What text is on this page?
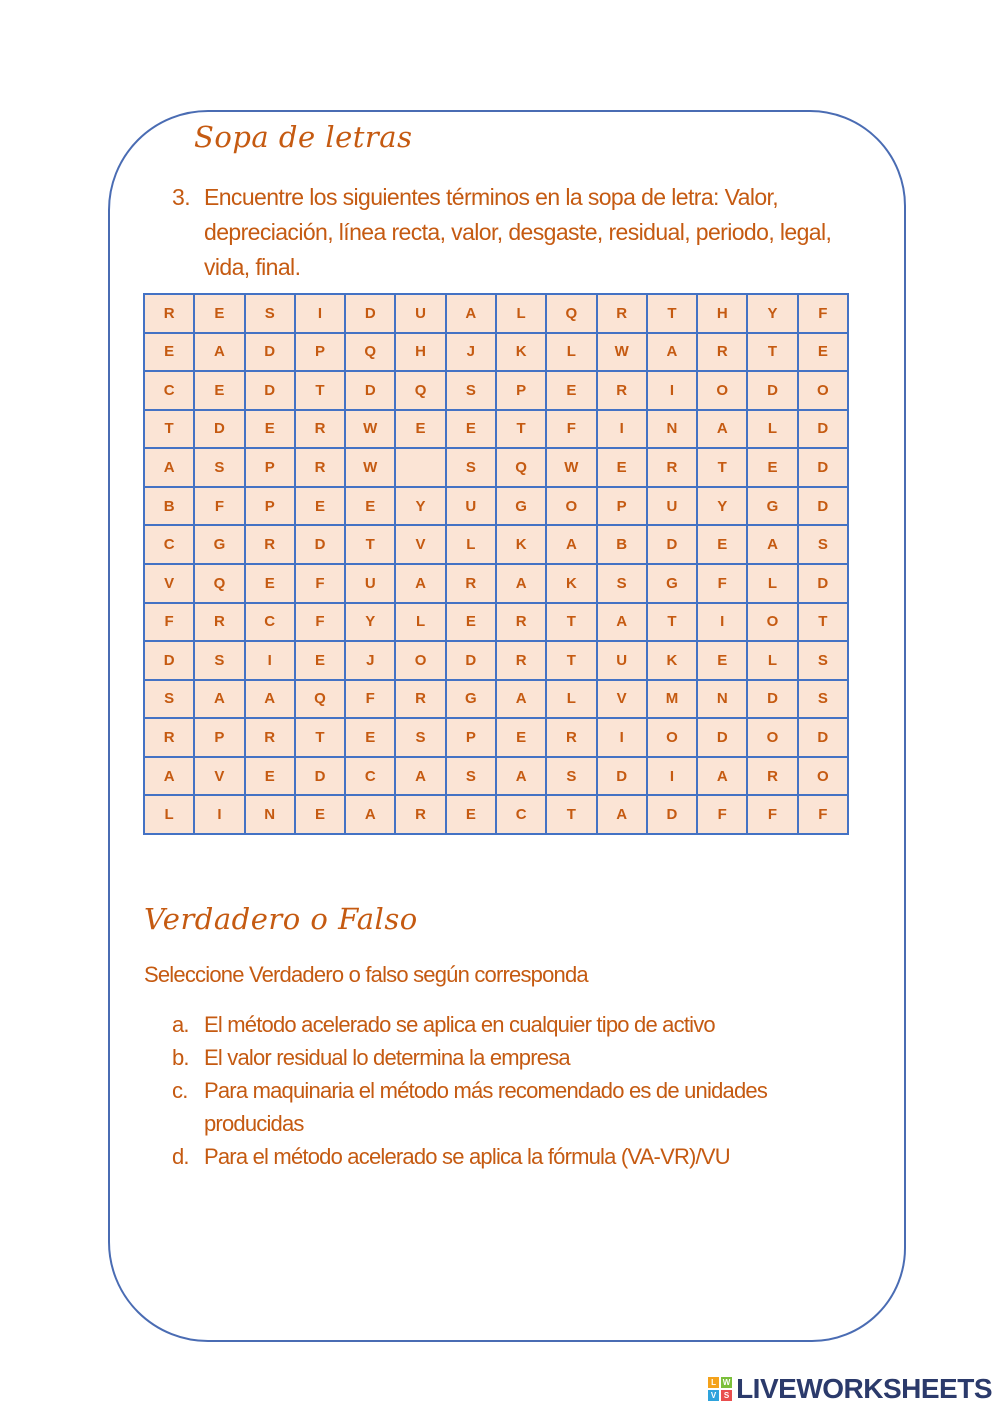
Sopa de letras
3. Encuentre los siguientes términos en la sopa de letra: Valor, depreciación, línea recta, valor, desgaste, residual, periodo, legal, vida, final.
R	E	S	I	D	U	A	L	Q	R	T	H	Y	F
E	A	D	P	Q	H	J	K	L	W	A	R	T	E
C	E	D	T	D	Q	S	P	E	R	I	O	D	O
T	D	E	R	W	E	E	T	F	I	N	A	L	D
A	S	P	R	W		S	Q	W	E	R	T	E	D
B	F	P	E	E	Y	U	G	O	P	U	Y	G	D
C	G	R	D	T	V	L	K	A	B	D	E	A	S
V	Q	E	F	U	A	R	A	K	S	G	F	L	D
F	R	C	F	Y	L	E	R	T	A	T	I	O	T
D	S	I	E	J	O	D	R	T	U	K	E	L	S
S	A	A	Q	F	R	G	A	L	V	M	N	D	S
R	P	R	T	E	S	P	E	R	I	O	D	O	D
A	V	E	D	C	A	S	A	S	D	I	A	R	O
L	I	N	E	A	R	E	C	T	A	D	F	F	F
Verdadero o Falso
Seleccione Verdadero o falso según corresponda
a. El método acelerado se aplica en cualquier tipo de activo
b. El valor residual lo determina la empresa
c. Para maquinaria el método más recomendado es de unidades producidas
d. Para el método acelerado se aplica la fórmula (VA-VR)/VU
L W
V S LIVEWORKSHEETS
